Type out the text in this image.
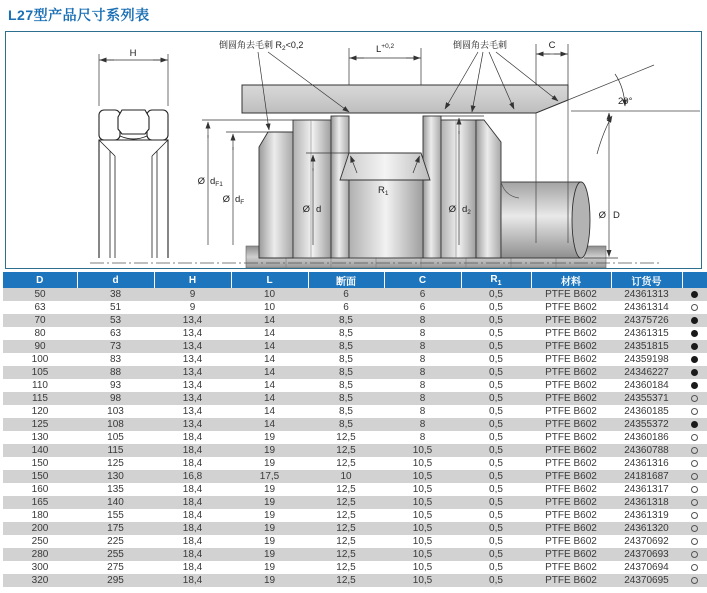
L27型产品尺寸系列表
H
$R_1$
20°
$L^{+0,2}$	C
倒圆角去毛刺 $R_2<0,2$	倒圆角去毛刺
Ø $d_{F1}$
Ø $d_F$
Ø d	Ø $d_2$	Ø D
D	d	H	L	断面	C	$R_1$	材料	订货号	
50	38	9	10	6	6	0,5	PTFE B602	24361313	
63	51	9	10	6	6	0,5	PTFE B602	24361314	
70	53	13,4	14	8,5	8	0,5	PTFE B602	24375726	
80	63	13,4	14	8,5	8	0,5	PTFE B602	24361315	
90	73	13,4	14	8,5	8	0,5	PTFE B602	24351815	
100	83	13,4	14	8,5	8	0,5	PTFE B602	24359198	
105	88	13,4	14	8,5	8	0,5	PTFE B602	24346227	
110	93	13,4	14	8,5	8	0,5	PTFE B602	24360184	
115	98	13,4	14	8,5	8	0,5	PTFE B602	24355371	
120	103	13,4	14	8,5	8	0,5	PTFE B602	24360185	
125	108	13,4	14	8,5	8	0,5	PTFE B602	24355372	
130	105	18,4	19	12,5	8	0,5	PTFE B602	24360186	
140	115	18,4	19	12,5	10,5	0,5	PTFE B602	24360788	
150	125	18,4	19	12,5	10,5	0,5	PTFE B602	24361316	
150	130	16,8	17,5	10	10,5	0,5	PTFE B602	24181687	
160	135	18,4	19	12,5	10,5	0,5	PTFE B602	24361317	
165	140	18,4	19	12,5	10,5	0,5	PTFE B602	24361318	
180	155	18,4	19	12,5	10,5	0,5	PTFE B602	24361319	
200	175	18,4	19	12,5	10,5	0,5	PTFE B602	24361320	
250	225	18,4	19	12,5	10,5	0,5	PTFE B602	24370692	
280	255	18,4	19	12,5	10,5	0,5	PTFE B602	24370693	
300	275	18,4	19	12,5	10,5	0,5	PTFE B602	24370694	
320	295	18,4	19	12,5	10,5	0,5	PTFE B602	24370695	
